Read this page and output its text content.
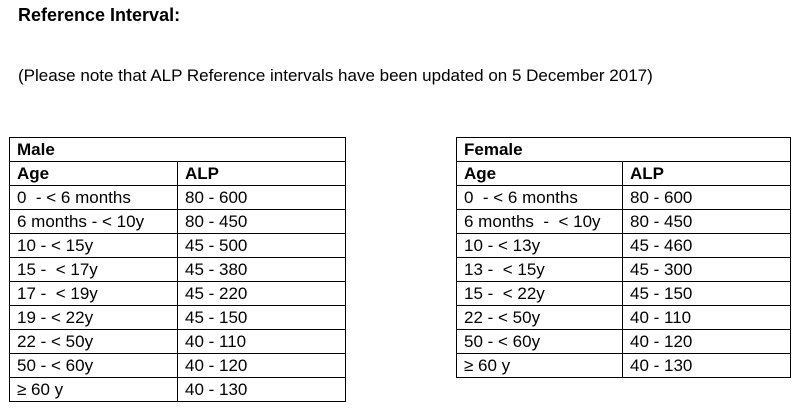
Reference Interval:
(Please note that ALP Reference intervals have been updated on 5 December 2017)
Male	
Age	ALP
0  - < 6 months	80 - 600
6 months - < 10y	80 - 450
10 - < 15y	45 - 500
15 -  < 17y	45 - 380
17 -  < 19y	45 - 220
19 - < 22y	45 - 150
22 - < 50y	40 - 110
50 - < 60y	40 - 120
≥ 60 y	40 - 130
Female	
Age	ALP
0  - < 6 months	80 - 600
6 months  -  < 10y	80 - 450
10 - < 13y	45 - 460
13 -  < 15y	45 - 300
15 -  < 22y	45 - 150
22 - < 50y	40 - 110
50 - < 60y	40 - 120
≥ 60 y	40 - 130
